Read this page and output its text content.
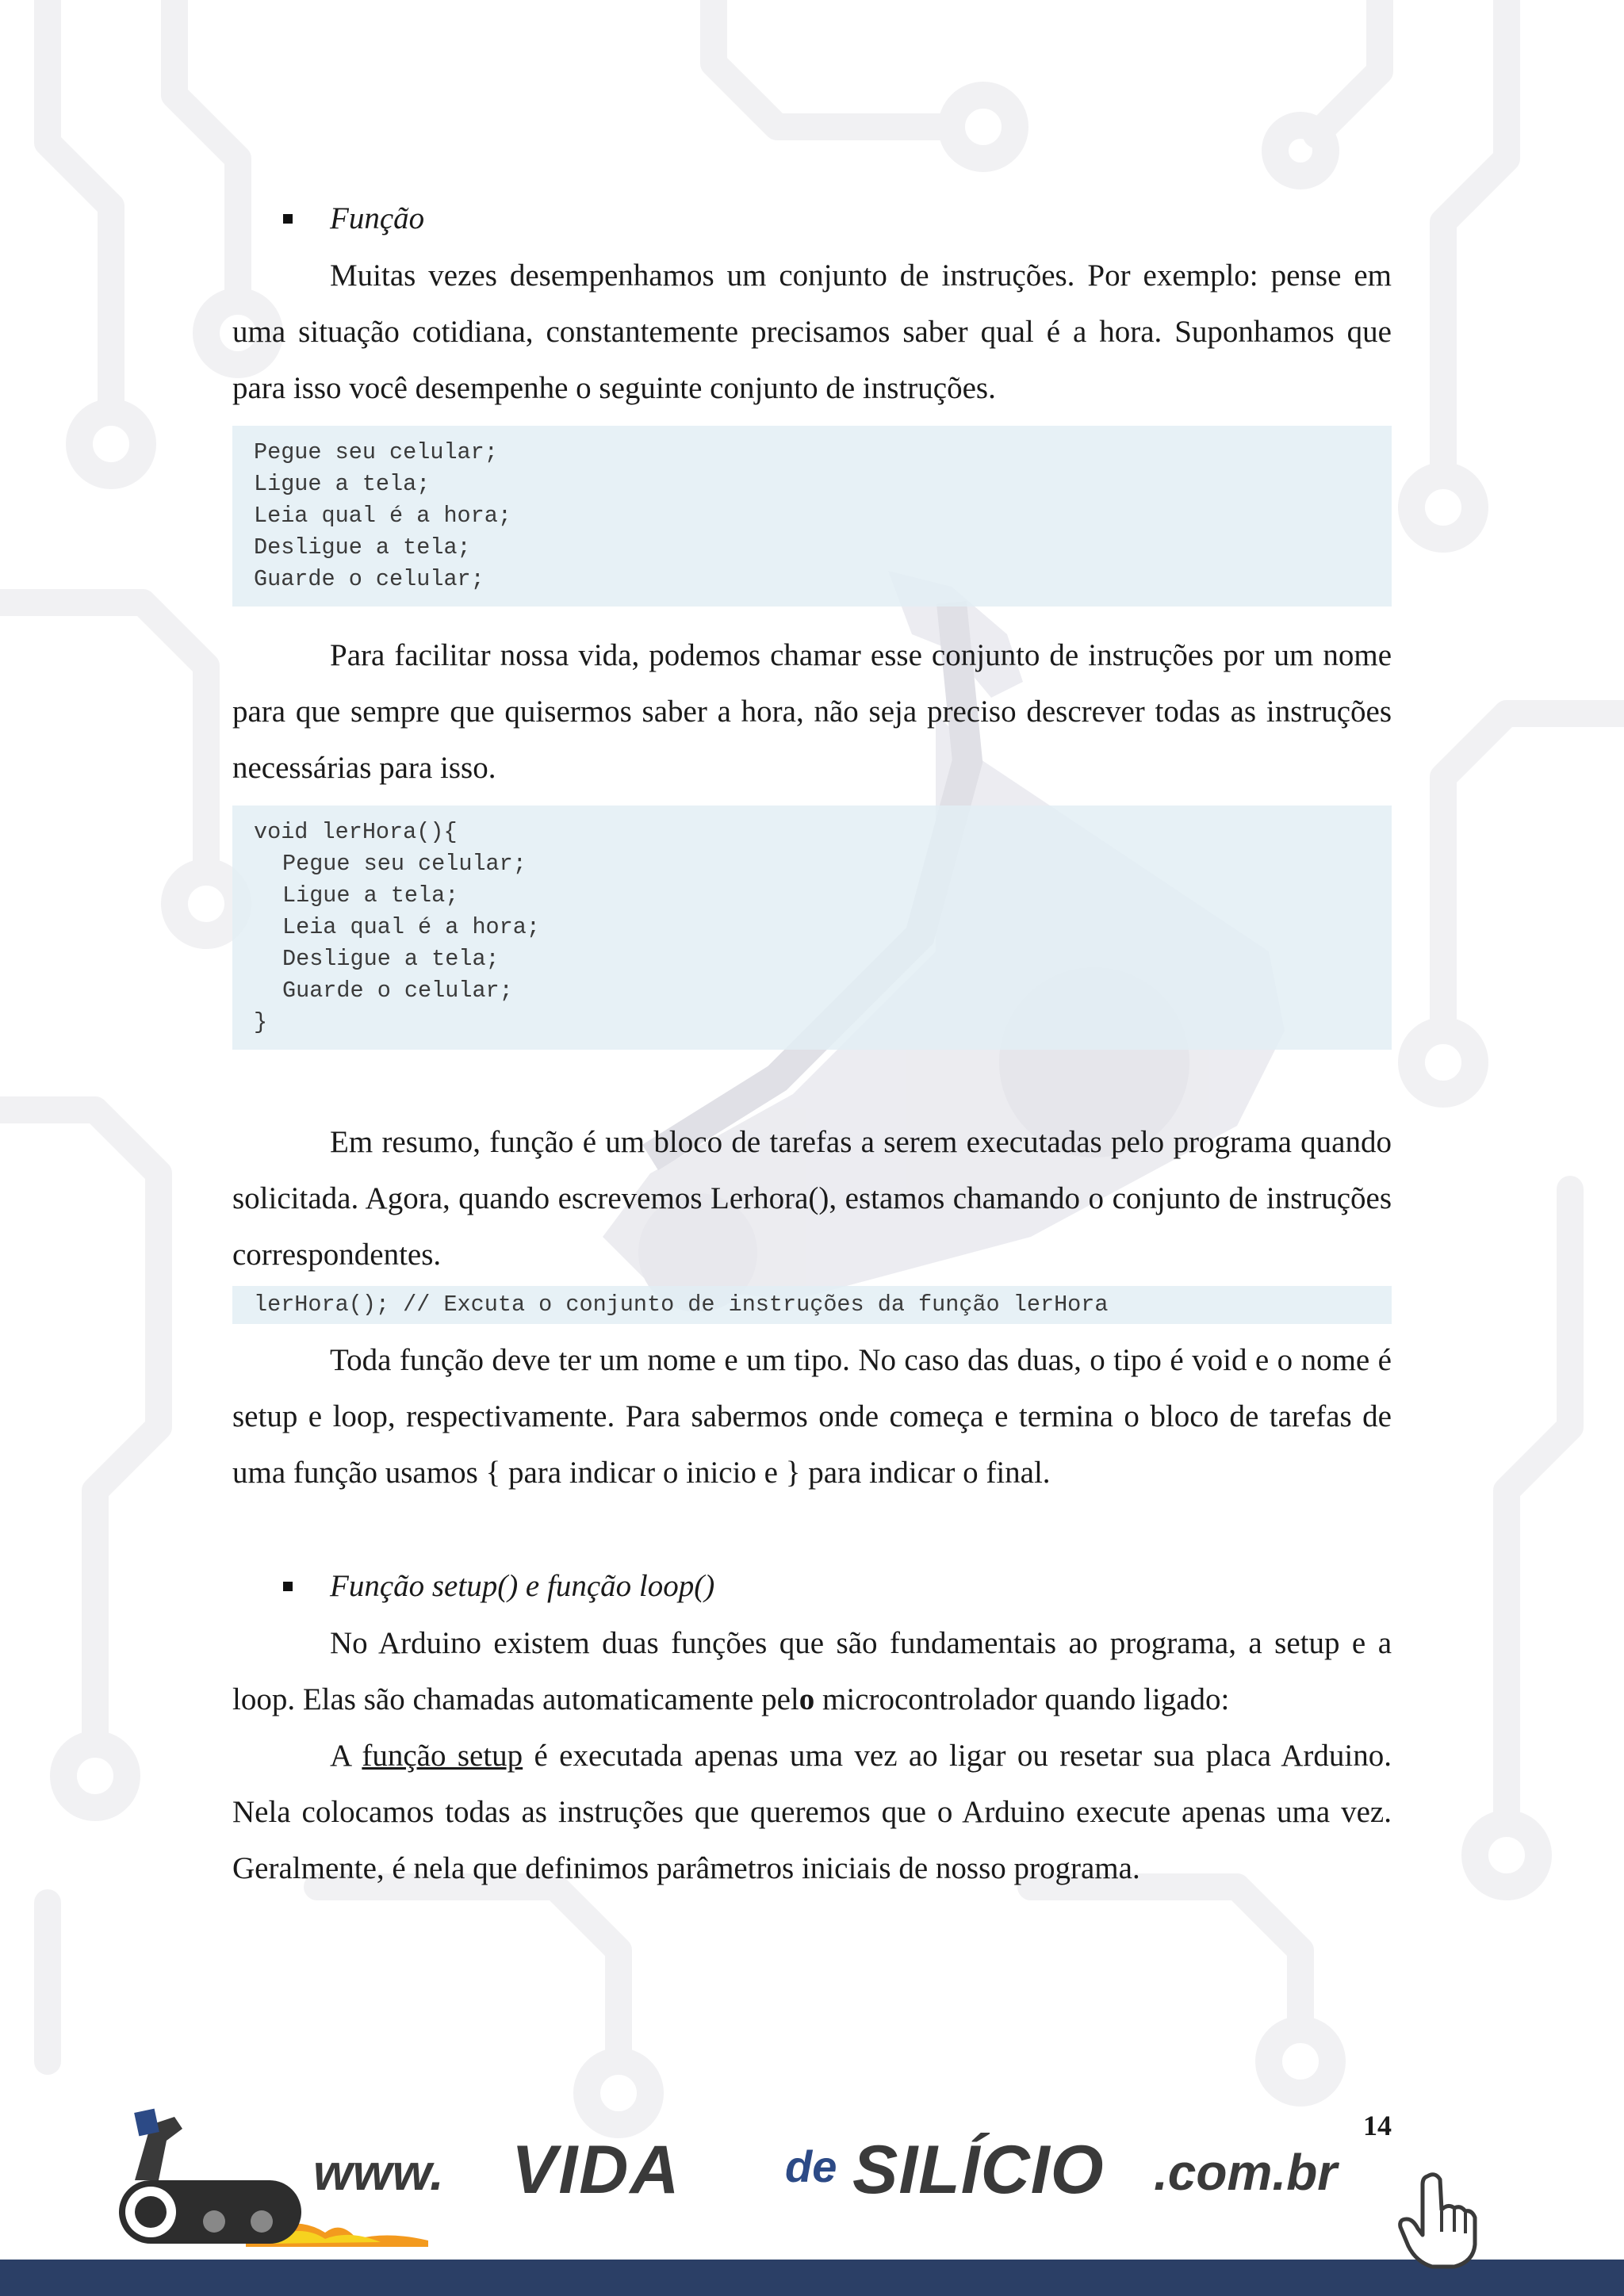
Função

Muitas vezes desempenhamos um conjunto de instruções. Por exemplo: pense em uma situação cotidiana, constantemente precisamos saber qual é a hora. Suponhamos que para isso você desempenhe o seguinte conjunto de instruções.

Pegue seu celular;
Ligue a tela;
Leia qual é a hora;
Desligue a tela;
Guarde o celular;

Para facilitar nossa vida, podemos chamar esse conjunto de instruções por um nome para que sempre que quisermos saber a hora, não seja preciso descrever todas as instruções necessárias para isso.

void lerHora(){
Pegue seu celular;
Ligue a tela;
Leia qual é a hora;
Desligue a tela;
Guarde o celular;
}

Em resumo, função é um bloco de tarefas a serem executadas pelo programa quando solicitada. Agora, quando escrevemos Lerhora(), estamos chamando o conjunto de instruções correspondentes.

lerHora(); // Excuta o conjunto de instruções da função lerHora

Toda função deve ter um nome e um tipo. No caso das duas, o tipo é void e o nome é setup e loop, respectivamente. Para sabermos onde começa e termina o bloco de tarefas de uma função usamos { para indicar o inicio e } para indicar o final.

Função setup() e função loop()

No Arduino existem duas funções que são fundamentais ao programa, a setup e a loop. Elas são chamadas automaticamente pelo microcontrolador quando ligado:

A função setup é executada apenas uma vez ao ligar ou resetar sua placa Arduino. Nela colocamos todas as instruções que queremos que o Arduino execute apenas uma vez. Geralmente, é nela que definimos parâmetros iniciais de nosso programa.

14
www. VIDA de SILÍCIO .com.br
